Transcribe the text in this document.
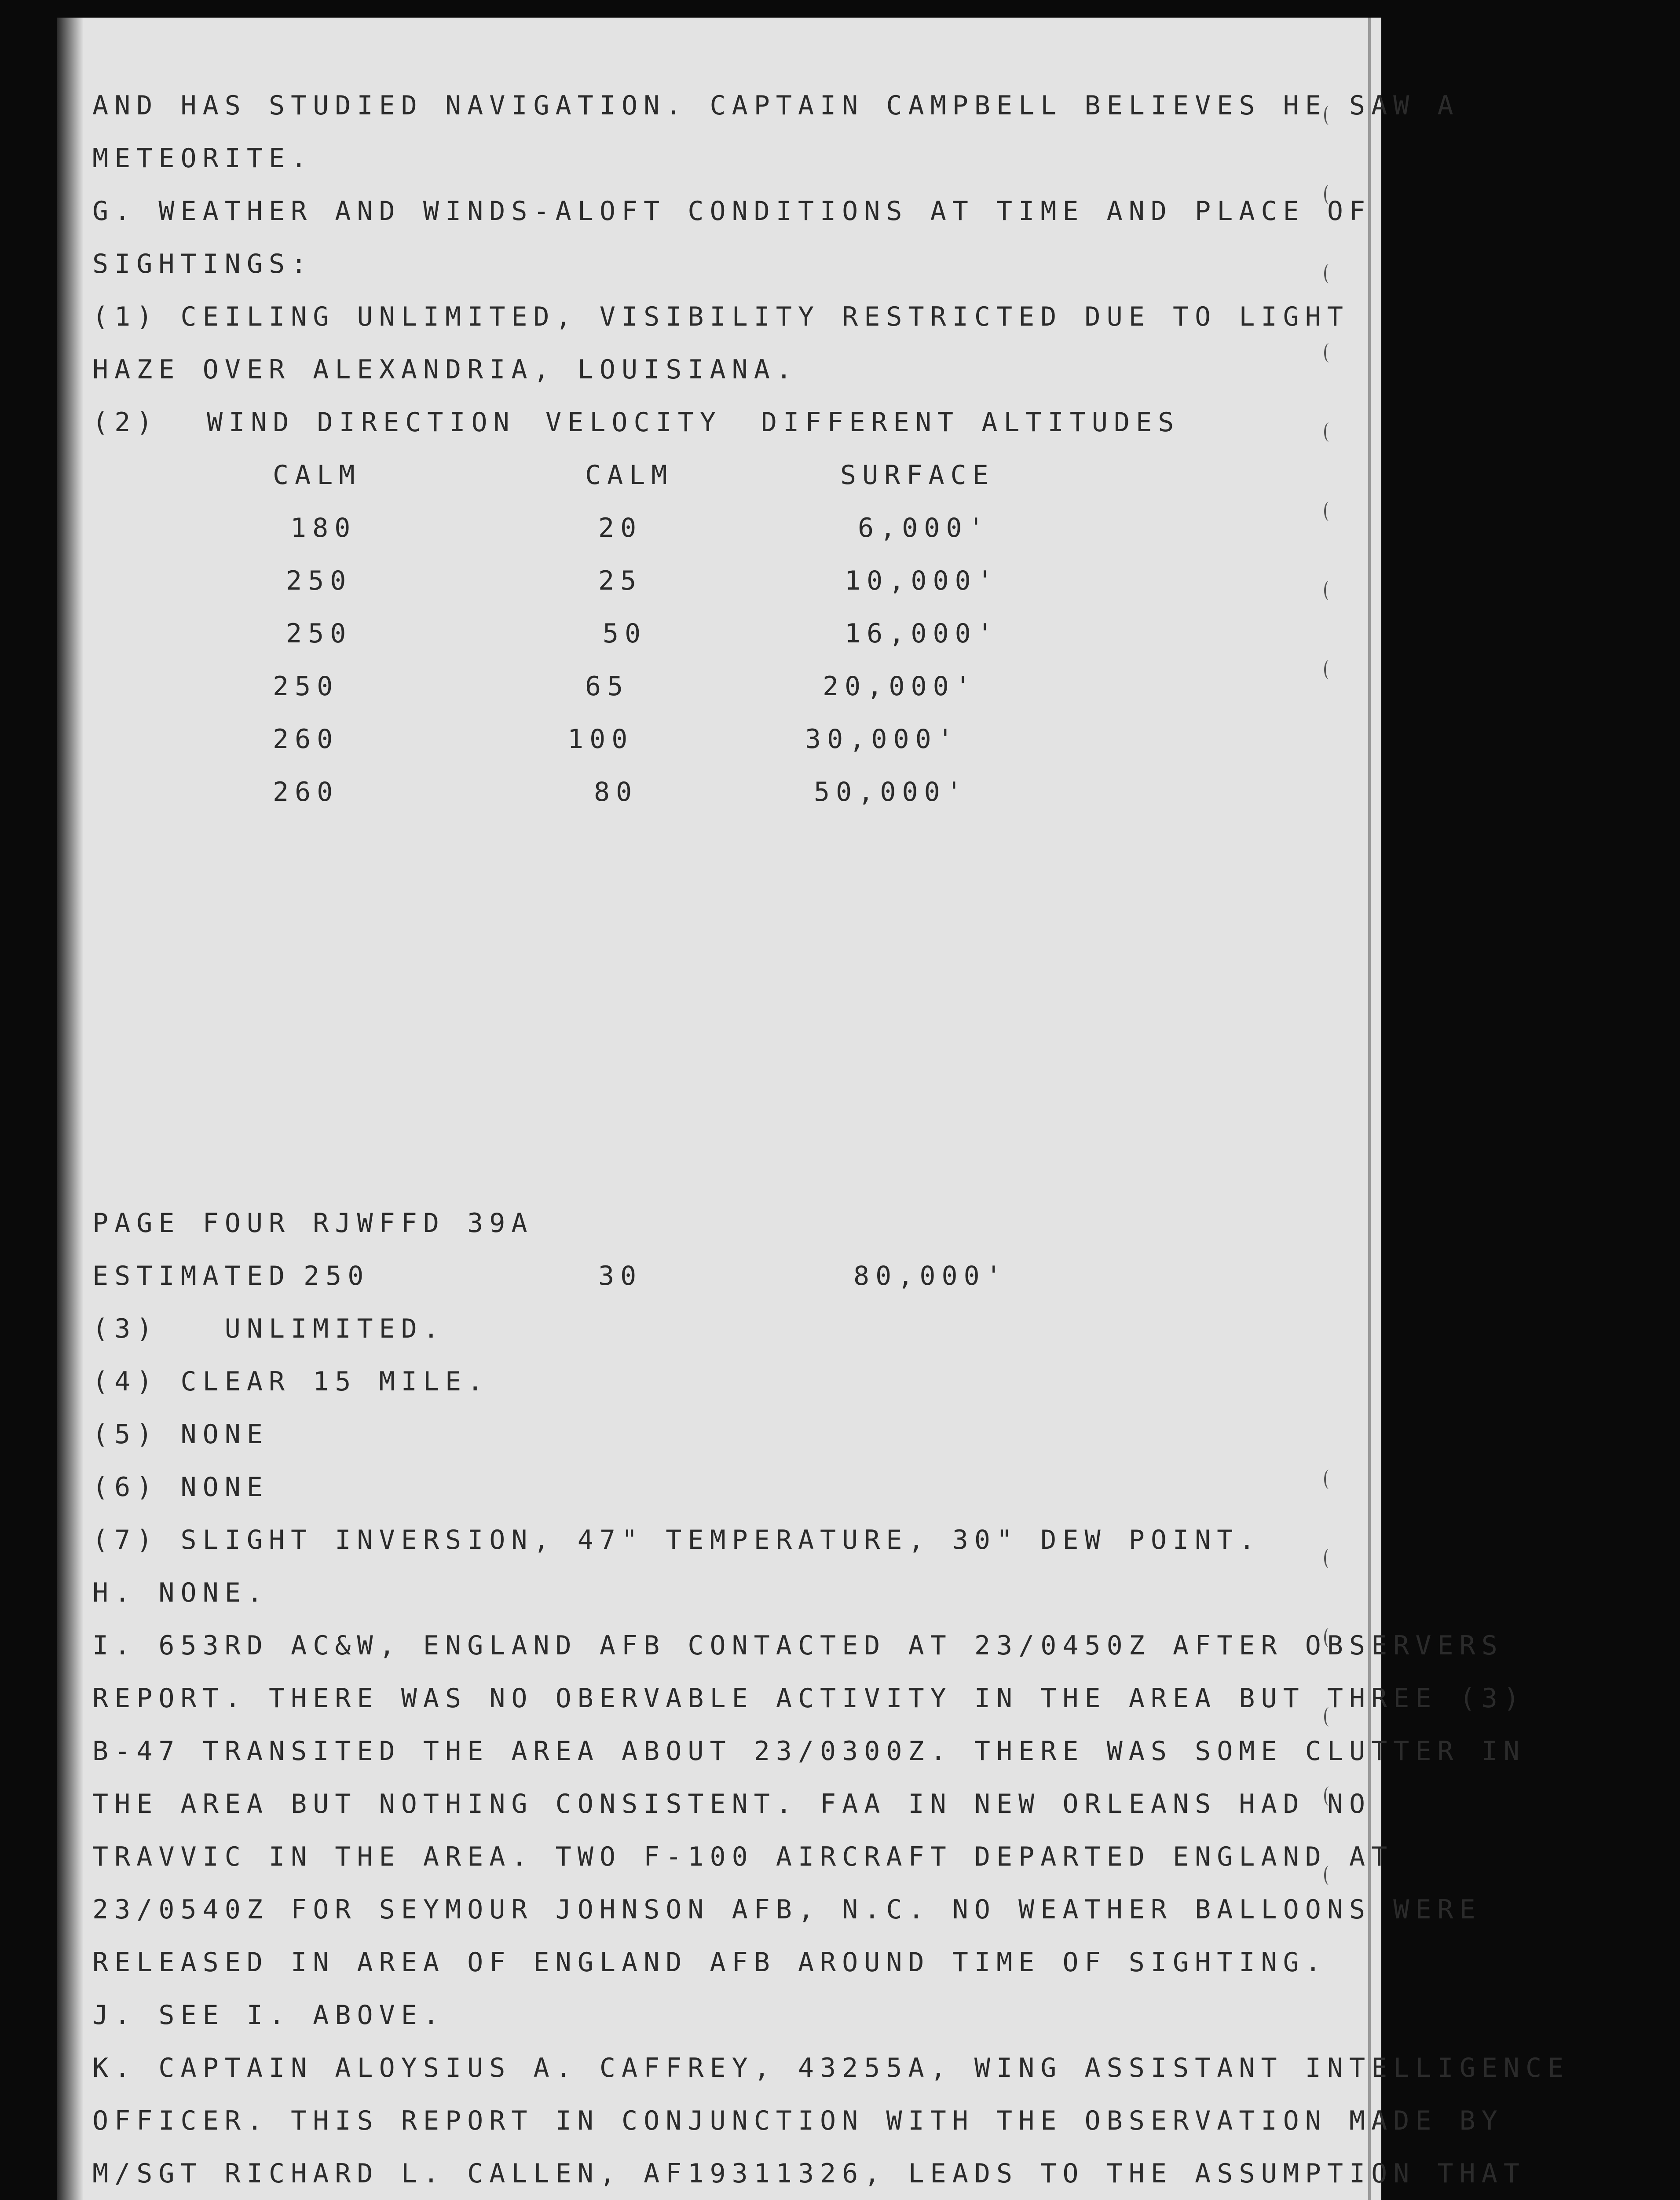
AND HAS STUDIED NAVIGATION. CAPTAIN CAMPBELL BELIEVES HE SAW A

METEORITE.

G. WEATHER AND WINDS-ALOFT CONDITIONS AT TIME AND PLACE OF

SIGHTINGS:

(1) CEILING UNLIMITED, VISIBILITY RESTRICTED DUE TO LIGHT

HAZE OVER ALEXANDRIA, LOUISIANA.

(2) WIND DIRECTION VELOCITY DIFFERENT ALTITUDES

CALM	CALM	SURFACE

180	20	6,000'

250	25	10,000'

250	50	16,000'

250	65	20,000'

260	100	30,000'

260	80	50,000'

PAGE FOUR RJWFFD 39A

ESTIMATED 250	30	80,000'

(3)   UNLIMITED.

(4) CLEAR 15 MILE.

(5) NONE

(6) NONE

(7) SLIGHT INVERSION, 47" TEMPERATURE, 30" DEW POINT.

H. NONE.

I. 653RD AC&W, ENGLAND AFB CONTACTED AT 23/0450Z AFTER OBSERVERS

REPORT. THERE WAS NO OBERVABLE ACTIVITY IN THE AREA BUT THREE (3)

B-47 TRANSITED THE AREA ABOUT 23/0300Z. THERE WAS SOME CLUTTER IN

THE AREA BUT NOTHING CONSISTENT. FAA IN NEW ORLEANS HAD NO

TRAVVIC IN THE AREA. TWO F-100 AIRCRAFT DEPARTED ENGLAND AT

23/0540Z FOR SEYMOUR JOHNSON AFB, N.C. NO WEATHER BALLOONS WERE

RELEASED IN AREA OF ENGLAND AFB AROUND TIME OF SIGHTING.

J. SEE I. ABOVE.

K. CAPTAIN ALOYSIUS A. CAFFREY, 43255A, WING ASSISTANT INTELLIGENCE

OFFICER. THIS REPORT IN CONJUNCTION WITH THE OBSERVATION MADE BY

M/SGT RICHARD L. CALLEN, AF19311326, LEADS TO THE ASSUMPTION THAT
